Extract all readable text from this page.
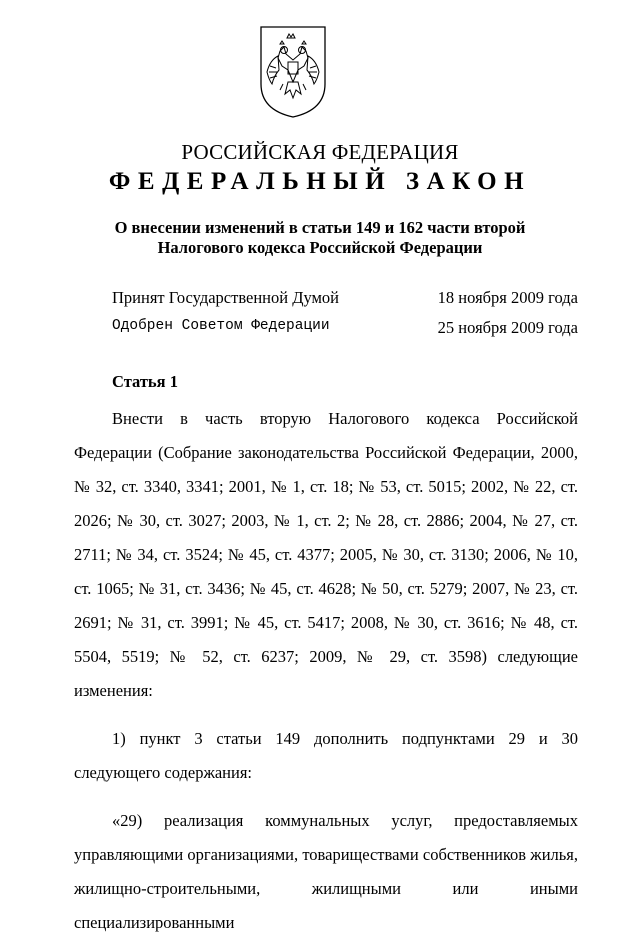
РОССИЙСКАЯ ФЕДЕРАЦИЯ
ФЕДЕРАЛЬНЫЙ ЗАКОН
О внесении изменений в статьи 149 и 162 части второй
Налогового кодекса Российской Федерации
Принят Государственной Думой	18 ноября 2009 года
Одобрен Советом Федерации	25 ноября 2009 года
Статья 1

Внести в часть вторую Налогового кодекса Российской Федерации (Собрание законодательства Российской Федерации, 2000, № 32, ст. 3340, 3341; 2001, № 1, ст. 18; № 53, ст. 5015; 2002, № 22, ст. 2026; № 30, ст. 3027; 2003, № 1, ст. 2; № 28, ст. 2886; 2004, № 27, ст. 2711; № 34, ст. 3524; № 45, ст. 4377; 2005, № 30, ст. 3130; 2006, № 10, ст. 1065; № 31, ст. 3436; № 45, ст. 4628; № 50, ст. 5279; 2007, № 23, ст. 2691; № 31, ст. 3991; № 45, ст. 5417; 2008, № 30, ст. 3616; № 48, ст. 5504, 5519; № 52, ст. 6237; 2009, № 29, ст. 3598) следующие изменения:

1) пункт 3 статьи 149 дополнить подпунктами 29 и 30 следующего содержания:

«29) реализация коммунальных услуг, предоставляемых управляющими организациями, товариществами собственников жилья, жилищно-строительными, жилищными или иными специализированными
